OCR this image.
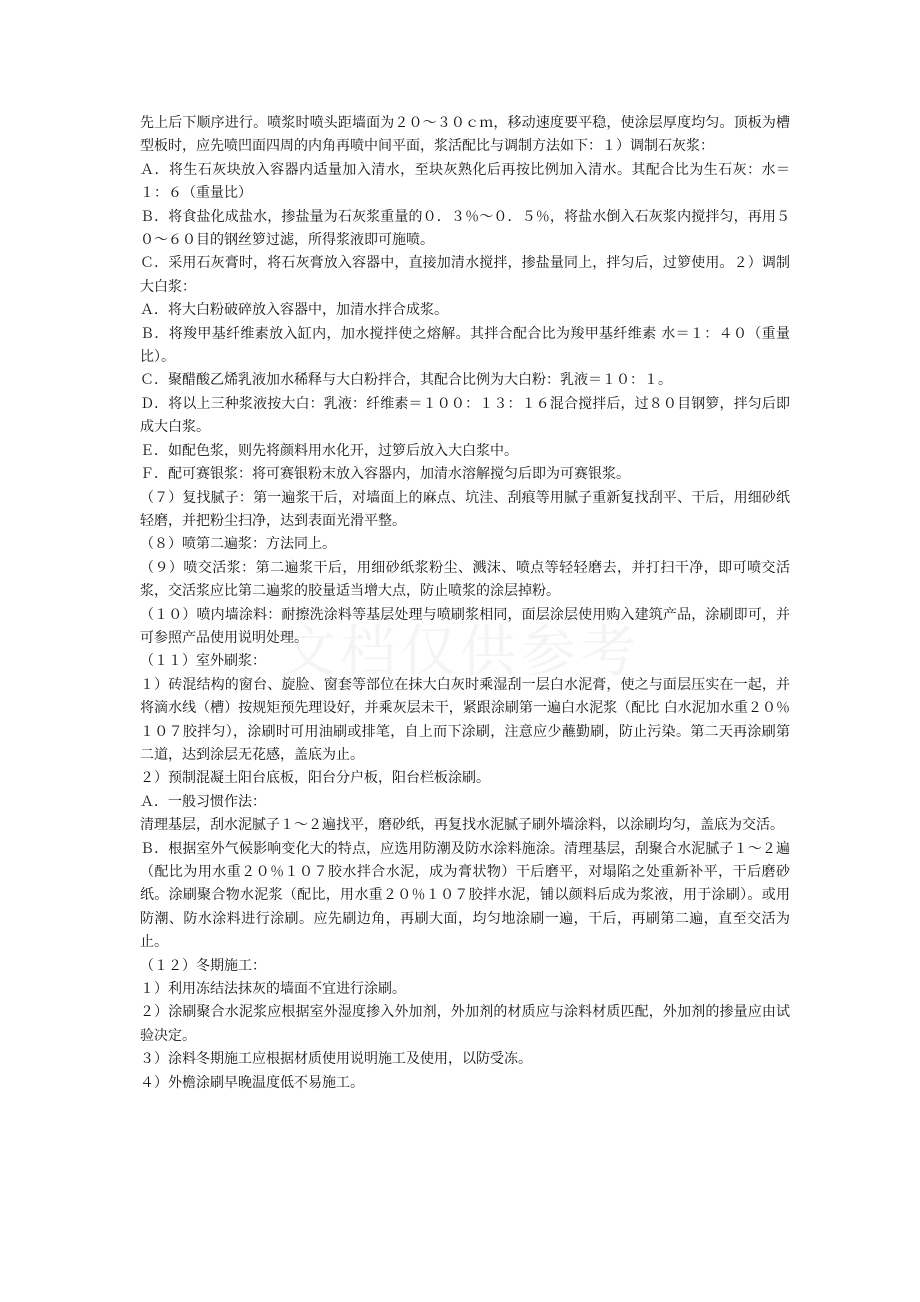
文档仅供参考

先上后下顺序进行。喷浆时喷头距墙面为２０～３０ｃｍ，移动速度要平稳，使涂层厚度均匀。顶板为槽型板时，应先喷凹面四周的内角再喷中间平面，浆活配比与调制方法如下：１）调制石灰浆：

Ａ．将生石灰块放入容器内适量加入清水，至块灰熟化后再按比例加入清水。其配合比为生石灰：水＝１：６（重量比）

Ｂ．将食盐化成盐水，掺盐量为石灰浆重量的０．３％～０．５％，将盐水倒入石灰浆内搅拌匀，再用５０～６０目的钢丝箩过滤，所得浆液即可施喷。

Ｃ．采用石灰膏时，将石灰膏放入容器中，直接加清水搅拌，掺盐量同上，拌匀后，过箩使用。２）调制大白浆：

Ａ．将大白粉破碎放入容器中，加清水拌合成浆。

Ｂ．将羧甲基纤维素放入缸内，加水搅拌使之熔解。其拌合配合比为羧甲基纤维素 水＝１：４０（重量比）。

Ｃ．聚醋酸乙烯乳液加水稀释与大白粉拌合，其配合比例为大白粉：乳液＝１０：１。

Ｄ．将以上三种浆液按大白：乳液：纤维素＝１００：１３：１６混合搅拌后，过８０目钢箩，拌匀后即成大白浆。

Ｅ．如配色浆，则先将颜料用水化开，过箩后放入大白浆中。

Ｆ．配可赛银浆：将可赛银粉末放入容器内，加清水溶解搅匀后即为可赛银浆。

（７）复找腻子：第一遍浆干后，对墙面上的麻点、坑洼、刮痕等用腻子重新复找刮平、干后，用细砂纸轻磨，并把粉尘扫净，达到表面光滑平整。

（８）喷第二遍浆：方法同上。

（９）喷交活浆：第二遍浆干后，用细砂纸浆粉尘、溅沫、喷点等轻轻磨去，并打扫干净，即可喷交活浆，交活浆应比第二遍浆的胶量适当增大点，防止喷浆的涂层掉粉。

（１０）喷内墙涂料：耐擦洗涂料等基层处理与喷刷浆相同，面层涂层使用购入建筑产品，涂刷即可，并可参照产品使用说明处理。

（１１）室外刷浆：

１）砖混结构的窗台、旋脸、窗套等部位在抹大白灰时乘湿刮一层白水泥膏，使之与面层压实在一起，并将滴水线（槽）按规矩预先理设好，并乘灰层未干，紧跟涂刷第一遍白水泥浆（配比 白水泥加水重２０％１０７胶拌匀），涂刷时可用油刷或排笔，自上而下涂刷，注意应少蘸勤刷，防止污染。第二天再涂刷第二道，达到涂层无花感，盖底为止。

２）预制混凝土阳台底板，阳台分户板，阳台栏板涂刷。

Ａ．一般习惯作法：

清理基层，刮水泥腻子１～２遍找平，磨砂纸，再复找水泥腻子刷外墙涂料，以涂刷均匀，盖底为交活。

Ｂ．根据室外气候影响变化大的特点，应选用防潮及防水涂料施涂。清理基层，刮聚合水泥腻子１～２遍（配比为用水重２０％１０７胶水拌合水泥，成为膏状物）干后磨平，对塌陷之处重新补平，干后磨砂纸。涂刷聚合物水泥浆（配比，用水重２０％１０７胶拌水泥，铺以颜料后成为浆液，用于涂刷）。或用防潮、防水涂料进行涂刷。应先刷边角，再刷大面，均匀地涂刷一遍，干后，再刷第二遍，直至交活为止。

（１２）冬期施工：

１）利用冻结法抹灰的墙面不宜进行涂刷。

２）涂刷聚合水泥浆应根据室外湿度掺入外加剂，外加剂的材质应与涂料材质匹配，外加剂的掺量应由试验决定。

３）涂料冬期施工应根据材质使用说明施工及使用，以防受冻。

４）外檐涂刷早晚温度低不易施工。
